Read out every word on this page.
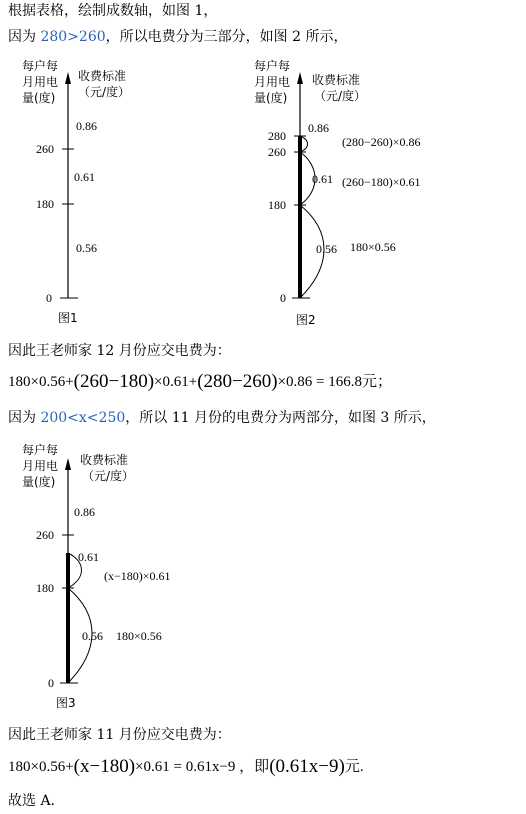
根据表格，绘制成数轴，如图 1，
因为 280>260，所以电费分为三部分，如图 2 所示，
每户每
月用电
量(度)
收费标准
（元/度）
0
180
260
0.56
0.61
0.86
图1
每户每
月用电
量(度)
收费标准
（元/度）
0
180
260
280
0.56
0.61
0.86
180×0.56
(260−180)×0.61
(280−260)×0.86
图2
因此王老师家 12 月份应交电费为：
180×0.56+(260−180)×0.61+(280−260)×0.86 = 166.8元；
因为 200<x<250，所以 11 月份的电费分为两部分，如图 3 所示，
每户每
月用电
量(度)
收费标准
（元/度）
0
180
260
0.56
0.61
0.86
180×0.56
(x−180)×0.61
图3
因此王老师家 11 月份应交电费为：
180×0.56+(x−180)×0.61 = 0.61x−9 ，即(0.61x−9)元.
故选 A.
